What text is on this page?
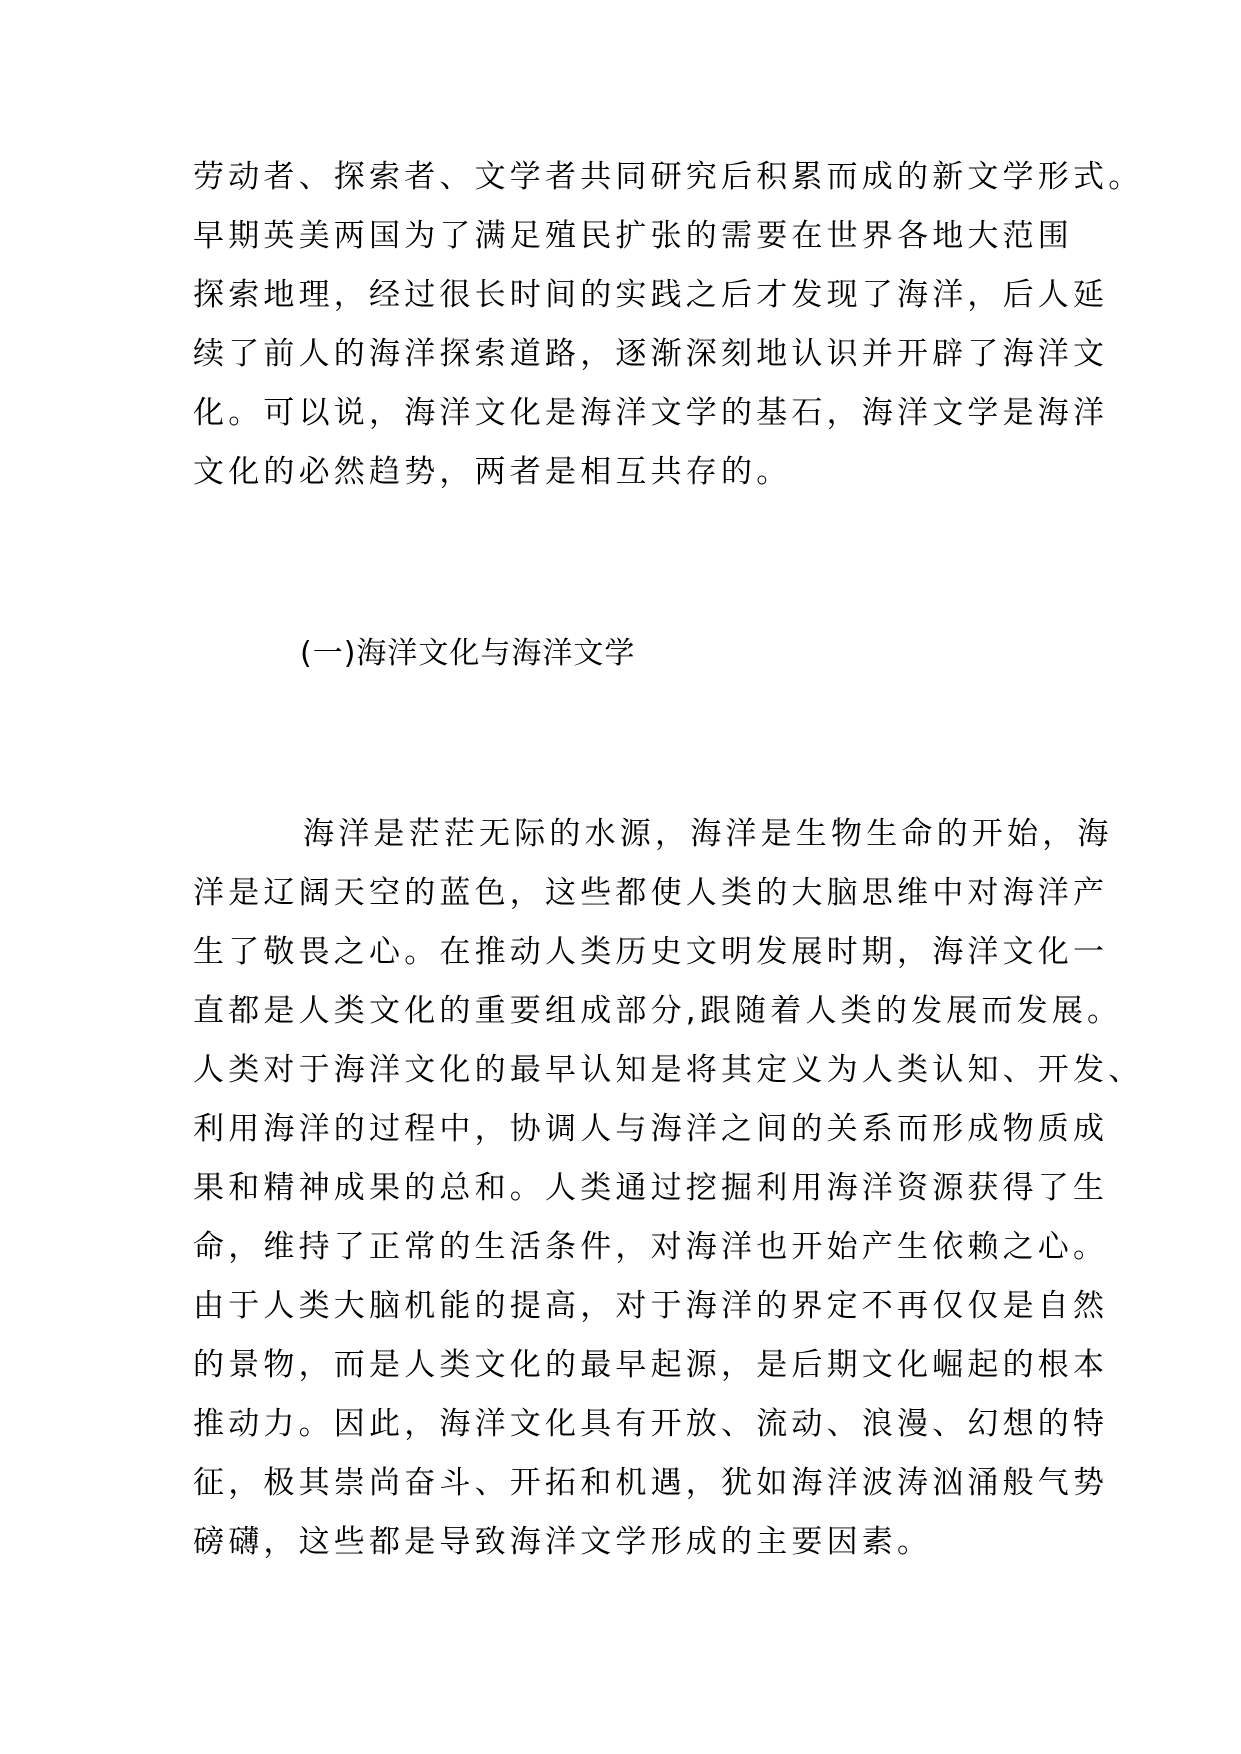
劳动者、探索者、文学者共同研究后积累而成的新文学形式。
早期英美两国为了满足殖民扩张的需要在世界各地大范围
探索地理，经过很长时间的实践之后才发现了海洋，后人延
续了前人的海洋探索道路，逐渐深刻地认识并开辟了海洋文
化。可以说，海洋文化是海洋文学的基石，海洋文学是海洋
文化的必然趋势，两者是相互共存的。
(一)海洋文化与海洋文学
海洋是茫茫无际的水源，海洋是生物生命的开始，海
洋是辽阔天空的蓝色，这些都使人类的大脑思维中对海洋产
生了敬畏之心。在推动人类历史文明发展时期，海洋文化一
直都是人类文化的重要组成部分,跟随着人类的发展而发展。
人类对于海洋文化的最早认知是将其定义为人类认知、开发、
利用海洋的过程中，协调人与海洋之间的关系而形成物质成
果和精神成果的总和。人类通过挖掘利用海洋资源获得了生
命，维持了正常的生活条件，对海洋也开始产生依赖之心。
由于人类大脑机能的提高，对于海洋的界定不再仅仅是自然
的景物，而是人类文化的最早起源，是后期文化崛起的根本
推动力。因此，海洋文化具有开放、流动、浪漫、幻想的特
征，极其崇尚奋斗、开拓和机遇，犹如海洋波涛汹涌般气势
磅礴，这些都是导致海洋文学形成的主要因素。
